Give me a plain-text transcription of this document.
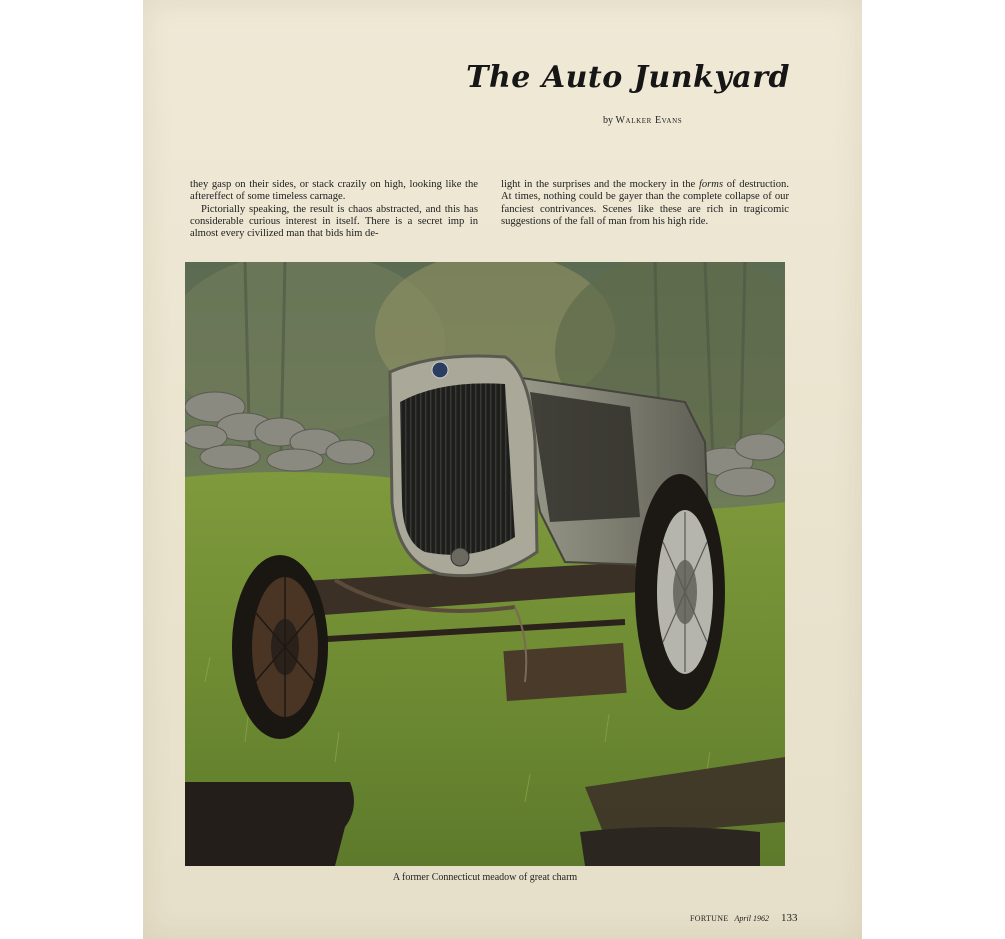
The Auto Junkyard
by Walker Evans

they gasp on their sides, or stack crazily on high, looking like the aftereffect of some timeless carnage.

Pictorially speaking, the result is chaos abstracted, and this has considerable curious interest in itself. There is a secret imp in almost every civilized man that bids him de-

light in the surprises and the mockery in the forms of destruction. At times, nothing could be gayer than the complete collapse of our fanciest contrivances. Scenes like these are rich in tragicomic suggestions of the fall of man from his high ride.

A former Connecticut meadow of great charm
FORTUNE April 1962 133
